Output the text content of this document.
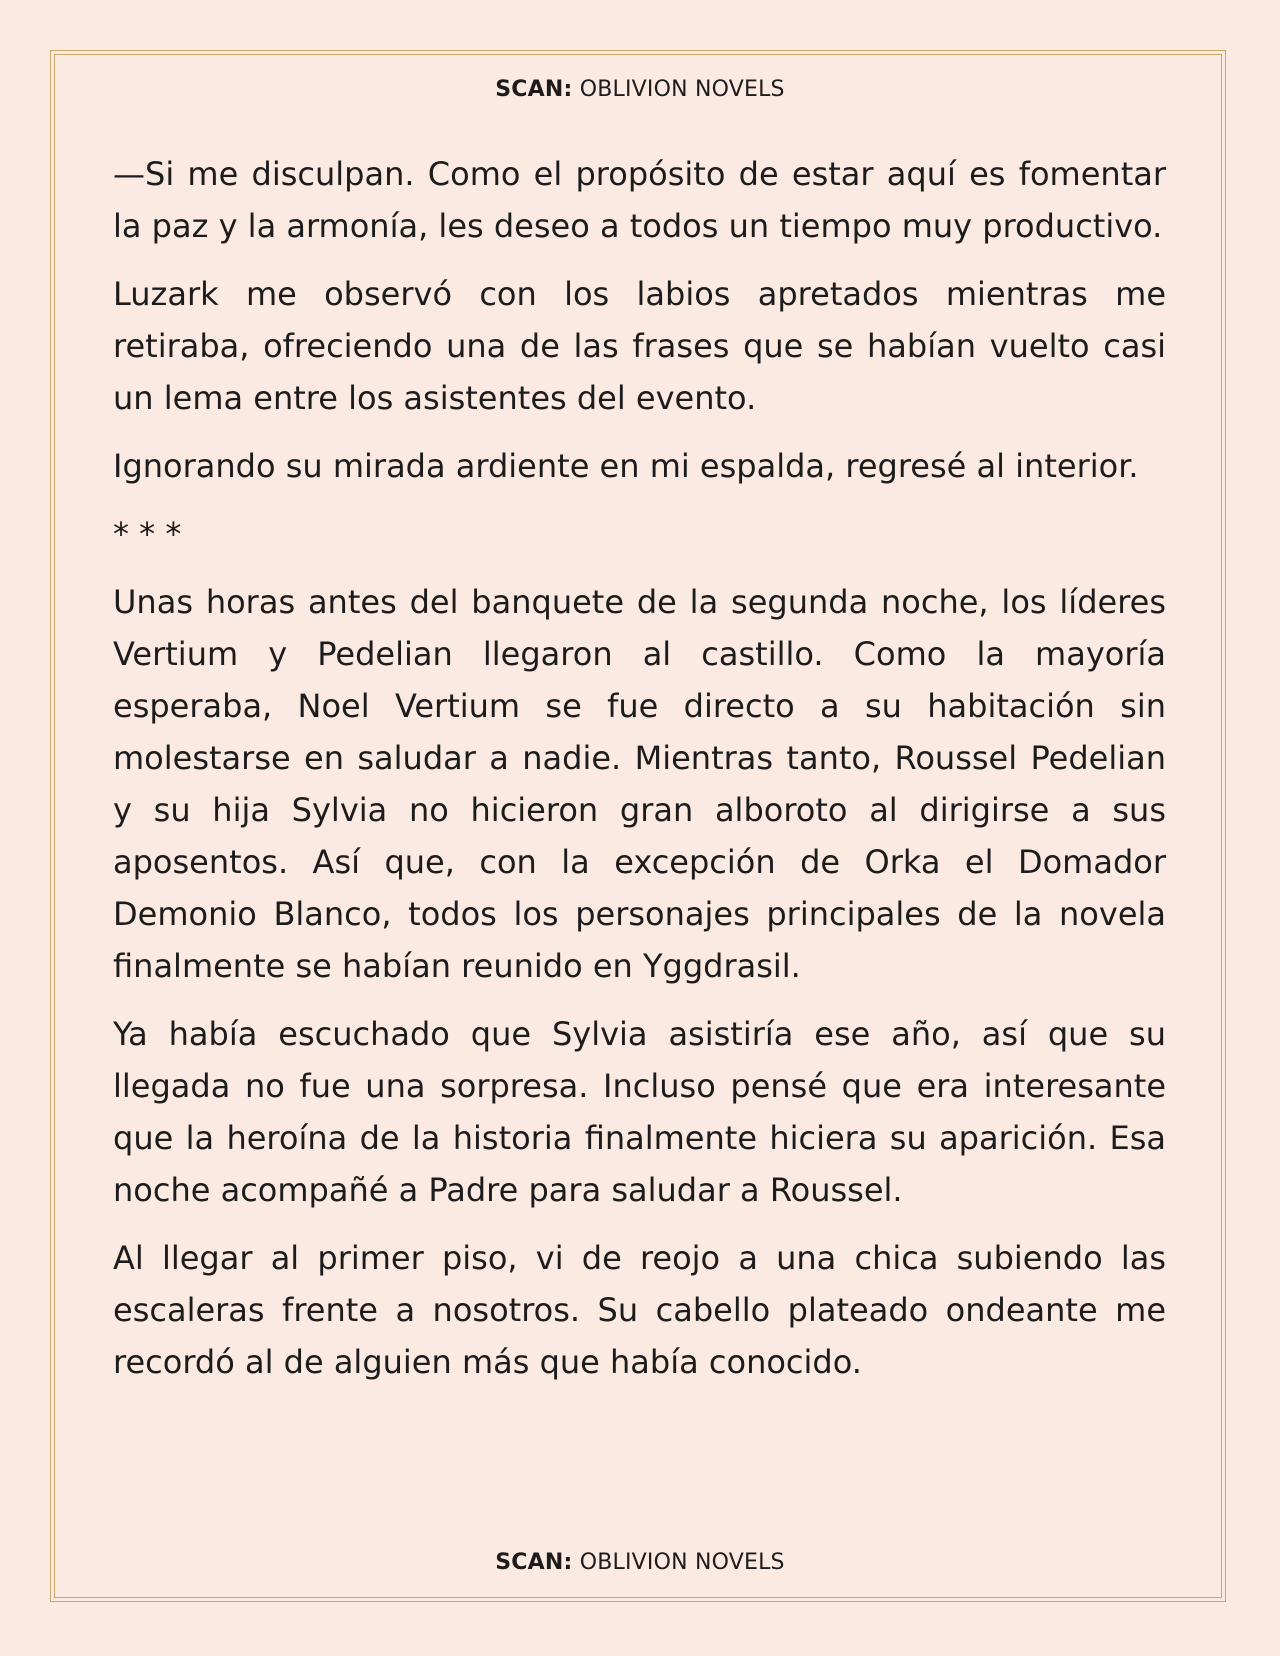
SCAN: OBLIVION NOVELS

—Si me disculpan. Como el propósito de estar aquí es fomentar la paz y la armonía, les deseo a todos un tiempo muy productivo.

Luzark me observó con los labios apretados mientras me retiraba, ofreciendo una de las frases que se habían vuelto casi un lema entre los asistentes del evento.

Ignorando su mirada ardiente en mi espalda, regresé al interior.

* * *

Unas horas antes del banquete de la segunda noche, los líderes Vertium y Pedelian llegaron al castillo. Como la mayoría esperaba, Noel Vertium se fue directo a su habitación sin molestarse en saludar a nadie. Mientras tanto, Roussel Pedelian y su hija Sylvia no hicieron gran alboroto al dirigirse a sus aposentos. Así que, con la excepción de Orka el Domador Demonio Blanco, todos los personajes principales de la novela finalmente se habían reunido en Yggdrasil.

Ya había escuchado que Sylvia asistiría ese año, así que su llegada no fue una sorpresa. Incluso pensé que era interesante que la heroína de la historia finalmente hiciera su aparición. Esa noche acompañé a Padre para saludar a Roussel.

Al llegar al primer piso, vi de reojo a una chica subiendo las escaleras frente a nosotros. Su cabello plateado ondeante me recordó al de alguien más que había conocido.

SCAN: OBLIVION NOVELS
